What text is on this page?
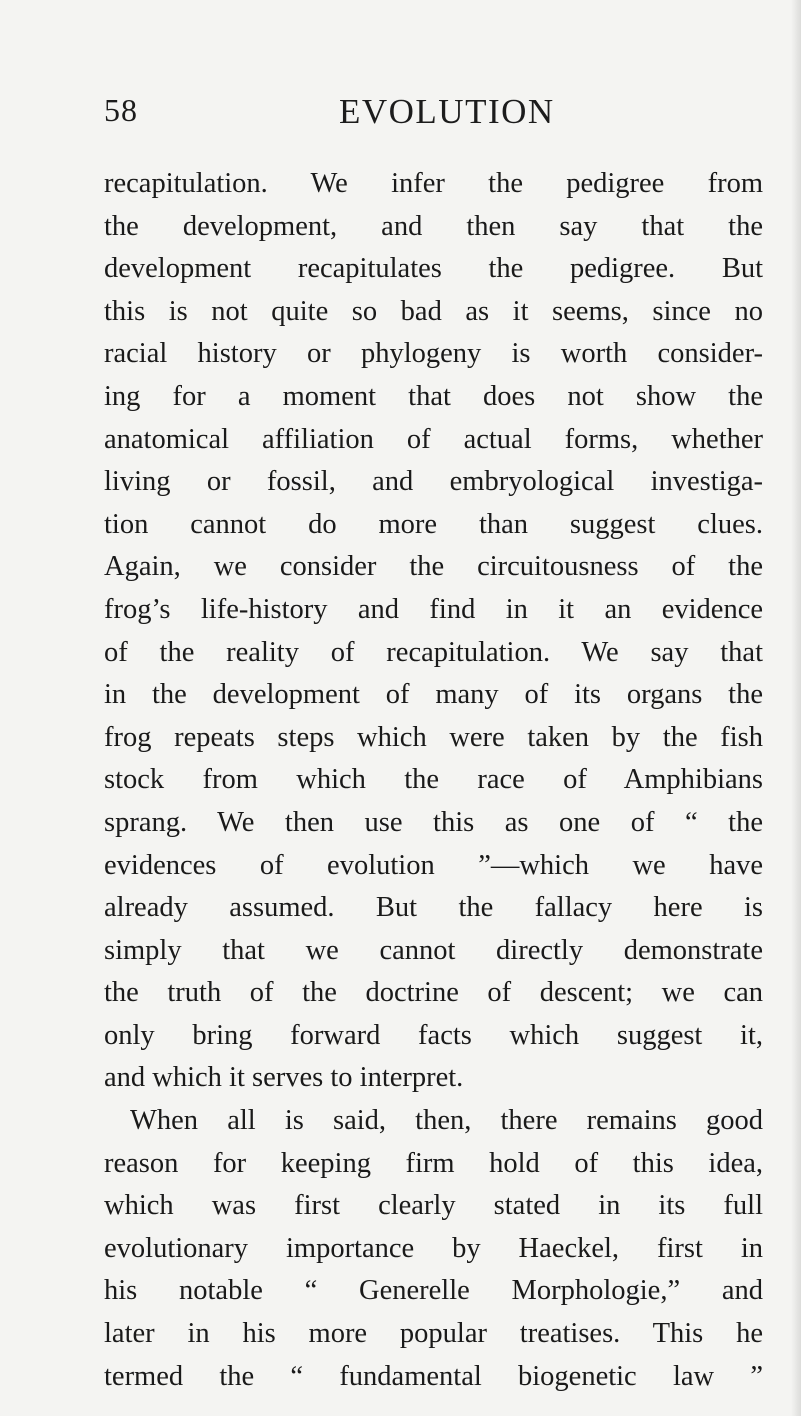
58	EVOLUTION
recapitulation. We infer the pedigree from
the development, and then say that the
development recapitulates the pedigree. But
this is not quite so bad as it seems, since no
racial history or phylogeny is worth consider-
ing for a moment that does not show the
anatomical affiliation of actual forms, whether
living or fossil, and embryological investiga-
tion cannot do more than suggest clues.
Again, we consider the circuitousness of the
frog’s life-history and find in it an evidence
of the reality of recapitulation. We say that
in the development of many of its organs the
frog repeats steps which were taken by the fish
stock from which the race of Amphibians
sprang. We then use this as one of “ the
evidences of evolution ”—which we have
already assumed. But the fallacy here is
simply that we cannot directly demonstrate
the truth of the doctrine of descent; we can
only bring forward facts which suggest it,
and which it serves to interpret.
When all is said, then, there remains good
reason for keeping firm hold of this idea,
which was first clearly stated in its full
evolutionary importance by Haeckel, first in
his notable “ Generelle Morphologie,” and
later in his more popular treatises. This he
termed the “ fundamental biogenetic law ”
